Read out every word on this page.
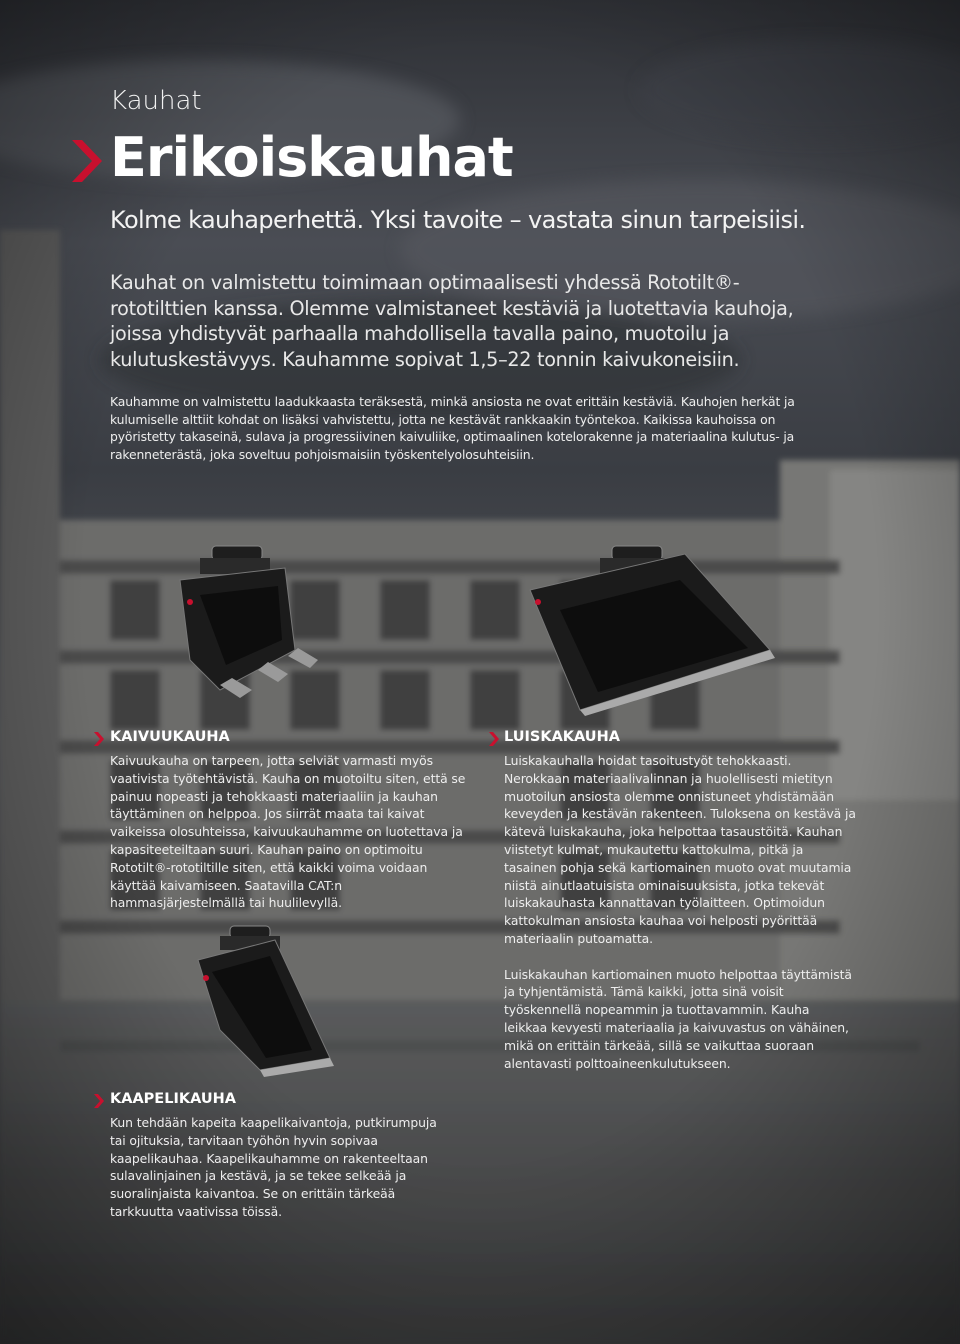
Kauhat
Erikoiskauhat
Kolme kauhaperhettä. Yksi tavoite – vastata sinun tarpeisiisi.
Kauhat on valmistettu toimimaan optimaalisesti yhdessä Rototilt®-rototilttien kanssa. Olemme valmistaneet kestäviä ja luotettavia kauhoja, joissa yhdistyvät parhaalla mahdollisella tavalla paino, muotoilu ja kulutuskestävyys. Kauhamme sopivat 1,5–22 tonnin kaivukoneisiin.
Kauhamme on valmistettu laadukkaasta teräksestä, minkä ansiosta ne ovat erittäin kestäviä. Kauhojen herkät ja kulumiselle alttiit kohdat on lisäksi vahvistettu, jotta ne kestävät rankkaakin työntekoa. Kaikissa kauhoissa on pyöristetty takaseinä, sulava ja progressiivinen kaivuliike, optimaalinen kotelorakenne ja materiaalina kulutus- ja rakenneterästä, joka soveltuu pohjoismaisiin työskentelyolosuhteisiin.
KAIVUUKAUHA
Kaivuukauha on tarpeen, jotta selviät varmasti myös vaativista työtehtävistä. Kauha on muotoiltu siten, että se painuu nopeasti ja tehokkaasti materiaaliin ja kauhan täyttäminen on helppoa. Jos siirrät maata tai kaivat vaikeissa olosuhteissa, kaivuukauhamme on luotettava ja kapasiteeteiltaan suuri. Kauhan paino on optimoitu Rototilt®-rototiltille siten, että kaikki voima voidaan käyttää kaivamiseen. Saatavilla CAT:n hammasjärjestelmällä tai huulilevyllä.
LUISKAKAUHA

Luiskakauhalla hoidat tasoitustyöt tehokkaasti. Nerokkaan materiaalivalinnan ja huolellisesti mietityn muotoilun ansiosta olemme onnistuneet yhdistämään keveyden ja kestävän rakenteen. Tuloksena on kestävä ja kätevä luiskakauha, joka helpottaa tasaustöitä. Kauhan viistetyt kulmat, mukautettu kattokulma, pitkä ja tasainen pohja sekä kartiomainen muoto ovat muutamia niistä ainutlaatuisista ominaisuuksista, jotka tekevät luiskakauhasta kannattavan työlaitteen. Optimoidun kattokulman ansiosta kauhaa voi helposti pyörittää materiaalin putoamatta.

Luiskakauhan kartiomainen muoto helpottaa täyttämistä ja tyhjentämistä. Tämä kaikki, jotta sinä voisit työskennellä nopeammin ja tuottavammin. Kauha leikkaa kevyesti materiaalia ja kaivuvastus on vähäinen, mikä on erittäin tärkeää, sillä se vaikuttaa suoraan alentavasti polttoaineenkulutukseen.

KAAPELIKAUHA
Kun tehdään kapeita kaapelikaivantoja, putkirumpuja tai ojituksia, tarvitaan työhön hyvin sopivaa kaapelikauhaa. Kaapelikauhamme on rakenteeltaan sulavalinjainen ja kestävä, ja se tekee selkeää ja suoralinjaista kaivantoa. Se on erittäin tärkeää tarkkuutta vaativissa töissä.
